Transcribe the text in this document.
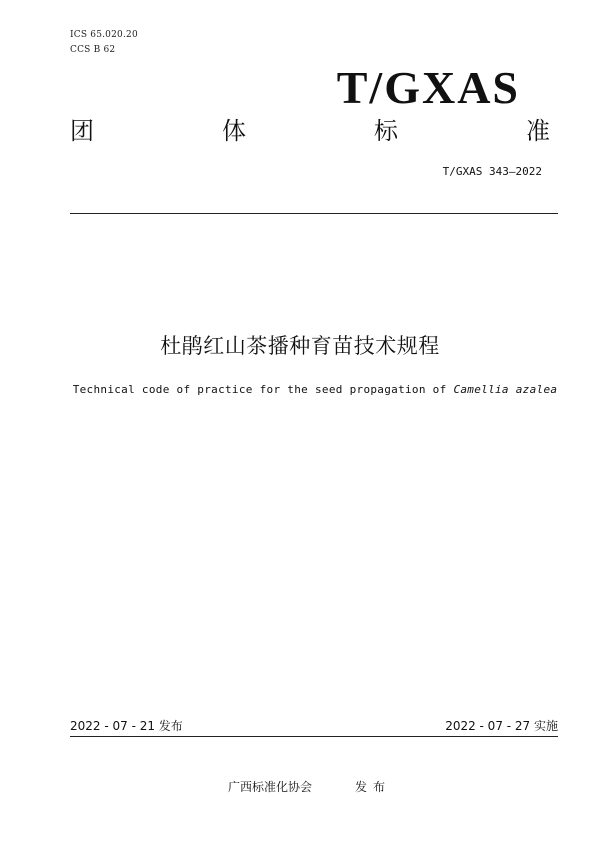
ICS 65.020.20
CCS B 62
T/GXAS
团	体	标	准
T/GXAS 343—2022
杜鹃红山茶播种育苗技术规程
Technical code of practice for the seed propagation of Camellia azalea
2022 - 07 - 21 发布	2022 - 07 - 27 实施
广西标准化协会	发布
